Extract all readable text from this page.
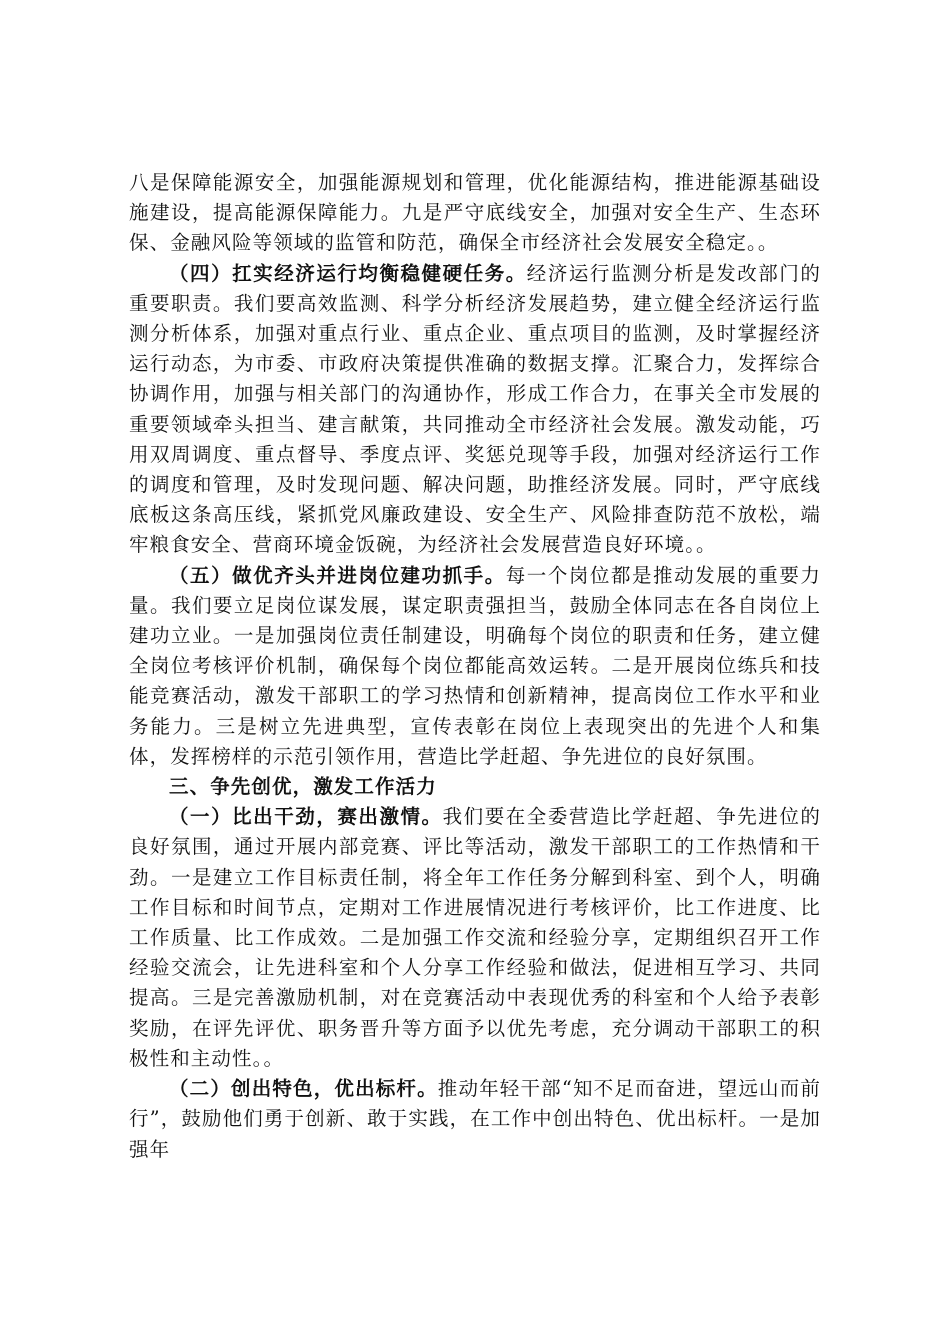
八是保障能源安全，加强能源规划和管理，优化能源结构，推进能源基础设施建设，提高能源保障能力。九是严守底线安全，加强对安全生产、生态环保、金融风险等领域的监管和防范，确保全市经济社会发展安全稳定。。

（四）扛实经济运行均衡稳健硬任务。经济运行监测分析是发改部门的重要职责。我们要高效监测、科学分析经济发展趋势，建立健全经济运行监测分析体系，加强对重点行业、重点企业、重点项目的监测，及时掌握经济运行动态，为市委、市政府决策提供准确的数据支撑。汇聚合力，发挥综合协调作用，加强与相关部门的沟通协作，形成工作合力，在事关全市发展的重要领域牵头担当、建言献策，共同推动全市经济社会发展。激发动能，巧用双周调度、重点督导、季度点评、奖惩兑现等手段，加强对经济运行工作的调度和管理，及时发现问题、解决问题，助推经济发展。同时，严守底线底板这条高压线，紧抓党风廉政建设、安全生产、风险排查防范不放松，端牢粮食安全、营商环境金饭碗，为经济社会发展营造良好环境。。

（五）做优齐头并进岗位建功抓手。每一个岗位都是推动发展的重要力量。我们要立足岗位谋发展，谋定职责强担当，鼓励全体同志在各自岗位上建功立业。一是加强岗位责任制建设，明确每个岗位的职责和任务，建立健全岗位考核评价机制，确保每个岗位都能高效运转。二是开展岗位练兵和技能竞赛活动，激发干部职工的学习热情和创新精神，提高岗位工作水平和业务能力。三是树立先进典型，宣传表彰在岗位上表现突出的先进个人和集体，发挥榜样的示范引领作用，营造比学赶超、争先进位的良好氛围。

三、争先创优，激发工作活力

（一）比出干劲，赛出激情。我们要在全委营造比学赶超、争先进位的良好氛围，通过开展内部竞赛、评比等活动，激发干部职工的工作热情和干劲。一是建立工作目标责任制，将全年工作任务分解到科室、到个人，明确工作目标和时间节点，定期对工作进展情况进行考核评价，比工作进度、比工作质量、比工作成效。二是加强工作交流和经验分享，定期组织召开工作经验交流会，让先进科室和个人分享工作经验和做法，促进相互学习、共同提高。三是完善激励机制，对在竞赛活动中表现优秀的科室和个人给予表彰奖励，在评先评优、职务晋升等方面予以优先考虑，充分调动干部职工的积极性和主动性。。

（二）创出特色，优出标杆。推动年轻干部“知不足而奋进，望远山而前行”，鼓励他们勇于创新、敢于实践，在工作中创出特色、优出标杆。一是加强年
